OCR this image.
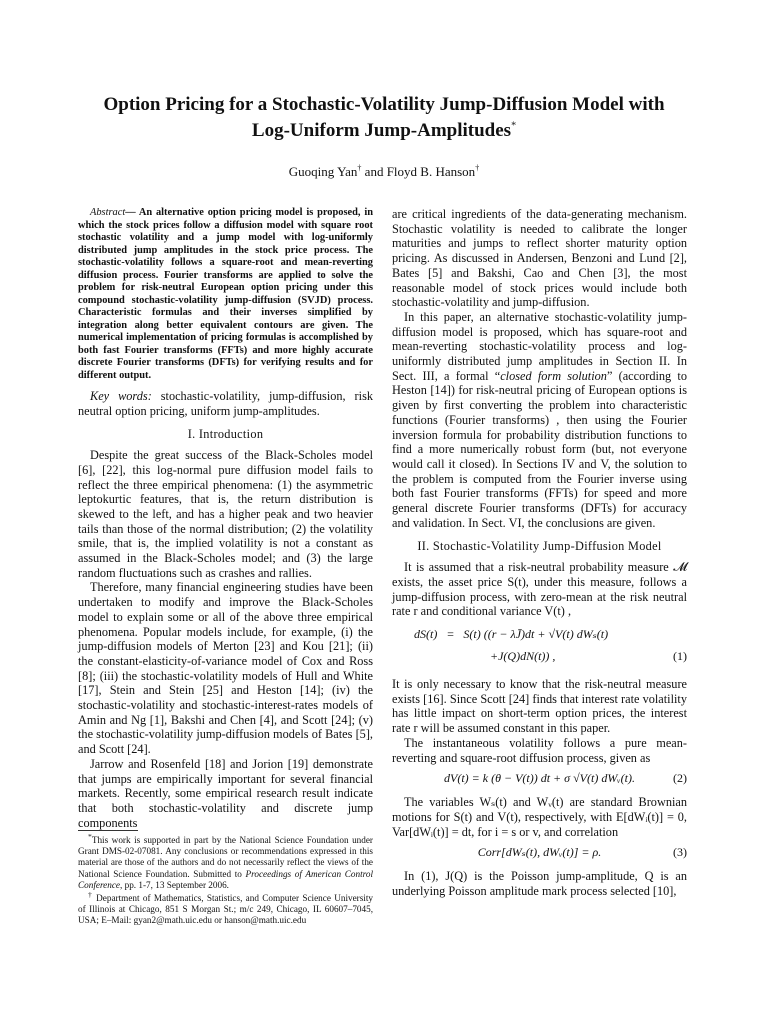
Option Pricing for a Stochastic-Volatility Jump-Diffusion Model with
Log-Uniform Jump-Amplitudes*
Guoqing Yan† and Floyd B. Hanson†

Abstract— An alternative option pricing model is proposed, in which the stock prices follow a diffusion model with square root stochastic volatility and a jump model with log-uniformly distributed jump amplitudes in the stock price process. The stochastic-volatility follows a square-root and mean-reverting diffusion process. Fourier transforms are applied to solve the problem for risk-neutral European option pricing under this compound stochastic-volatility jump-diffusion (SVJD) process. Characteristic formulas and their inverses simplified by integration along better equivalent contours are given. The numerical implementation of pricing formulas is accomplished by both fast Fourier transforms (FFTs) and more highly accurate discrete Fourier transforms (DFTs) for verifying results and for different output.

Key words: stochastic-volatility, jump-diffusion, risk neutral option pricing, uniform jump-amplitudes.

I. Introduction

Despite the great success of the Black-Scholes model [6], [22], this log-normal pure diffusion model fails to reflect the three empirical phenomena: (1) the asymmetric leptokurtic features, that is, the return distribution is skewed to the left, and has a higher peak and two heavier tails than those of the normal distribution; (2) the volatility smile, that is, the implied volatility is not a constant as assumed in the Black-Scholes model; and (3) the large random fluctuations such as crashes and rallies.

Therefore, many financial engineering studies have been undertaken to modify and improve the Black-Scholes model to explain some or all of the above three empirical phenomena. Popular models include, for example, (i) the jump-diffusion models of Merton [23] and Kou [21]; (ii) the constant-elasticity-of-variance model of Cox and Ross [8]; (iii) the stochastic-volatility models of Hull and White [17], Stein and Stein [25] and Heston [14]; (iv) the stochastic-volatility and stochastic-interest-rates models of Amin and Ng [1], Bakshi and Chen [4], and Scott [24]; (v) the stochastic-volatility jump-diffusion models of Bates [5], and Scott [24].

Jarrow and Rosenfeld [18] and Jorion [19] demonstrate that jumps are empirically important for several financial markets. Recently, some empirical research result indicate that both stochastic-volatility and discrete jump components

*This work is supported in part by the National Science Foundation under Grant DMS-02-07081. Any conclusions or recommendations expressed in this material are those of the authors and do not necessarily reflect the views of the National Science Foundation. Submitted to Proceedings of American Control Conference, pp. 1-7, 13 September 2006.

† Department of Mathematics, Statistics, and Computer Science University of Illinois at Chicago, 851 S Morgan St.; m/c 249, Chicago, IL 60607–7045, USA; E–Mail: gyan2@math.uic.edu or hanson@math.uic.edu

are critical ingredients of the data-generating mechanism. Stochastic volatility is needed to calibrate the longer maturities and jumps to reflect shorter maturity option pricing. As discussed in Andersen, Benzoni and Lund [2], Bates [5] and Bakshi, Cao and Chen [3], the most reasonable model of stock prices would include both stochastic-volatility and jump-diffusion.

In this paper, an alternative stochastic-volatility jump-diffusion model is proposed, which has square-root and mean-reverting stochastic-volatility process and log-uniformly distributed jump amplitudes in Section II. In Sect. III, a formal “closed form solution” (according to Heston [14]) for risk-neutral pricing of European options is given by first converting the problem into characteristic functions (Fourier transforms) , then using the Fourier inversion formula for probability distribution functions to find a more numerically robust form (but, not everyone would call it closed). In Sections IV and V, the solution to the problem is computed from the Fourier inverse using both fast Fourier transforms (FFTs) for speed and more general discrete Fourier transforms (DFTs) for accuracy and validation. In Sect. VI, the conclusions are given.

II. Stochastic-Volatility Jump-Diffusion Model

It is assumed that a risk-neutral probability measure 𝓜 exists, the asset price S(t), under this measure, follows a jump-diffusion process, with zero-mean at the risk neutral rate r and conditional variance V(t) ,

dS(t)   =   S(t) ((r − λJ̄)dt + √V(t) dWₛ(t)
+J(Q)dN(t)) ,	(1)

It is only necessary to know that the risk-neutral measure exists [16]. Since Scott [24] finds that interest rate volatility has little impact on short-term option prices, the interest rate r will be assumed constant in this paper.

The instantaneous volatility follows a pure mean-reverting and square-root diffusion process, given as

dV(t) = k (θ − V(t)) dt + σ √V(t) dWᵥ(t).	(2)

The variables Wₛ(t) and Wᵥ(t) are standard Brownian motions for S(t) and V(t), respectively, with E[dWᵢ(t)] = 0, Var[dWᵢ(t)] = dt, for i = s or v, and correlation

Corr[dWₛ(t), dWᵥ(t)] = ρ.	(3)

In (1), J(Q) is the Poisson jump-amplitude, Q is an underlying Poisson amplitude mark process selected [10],
